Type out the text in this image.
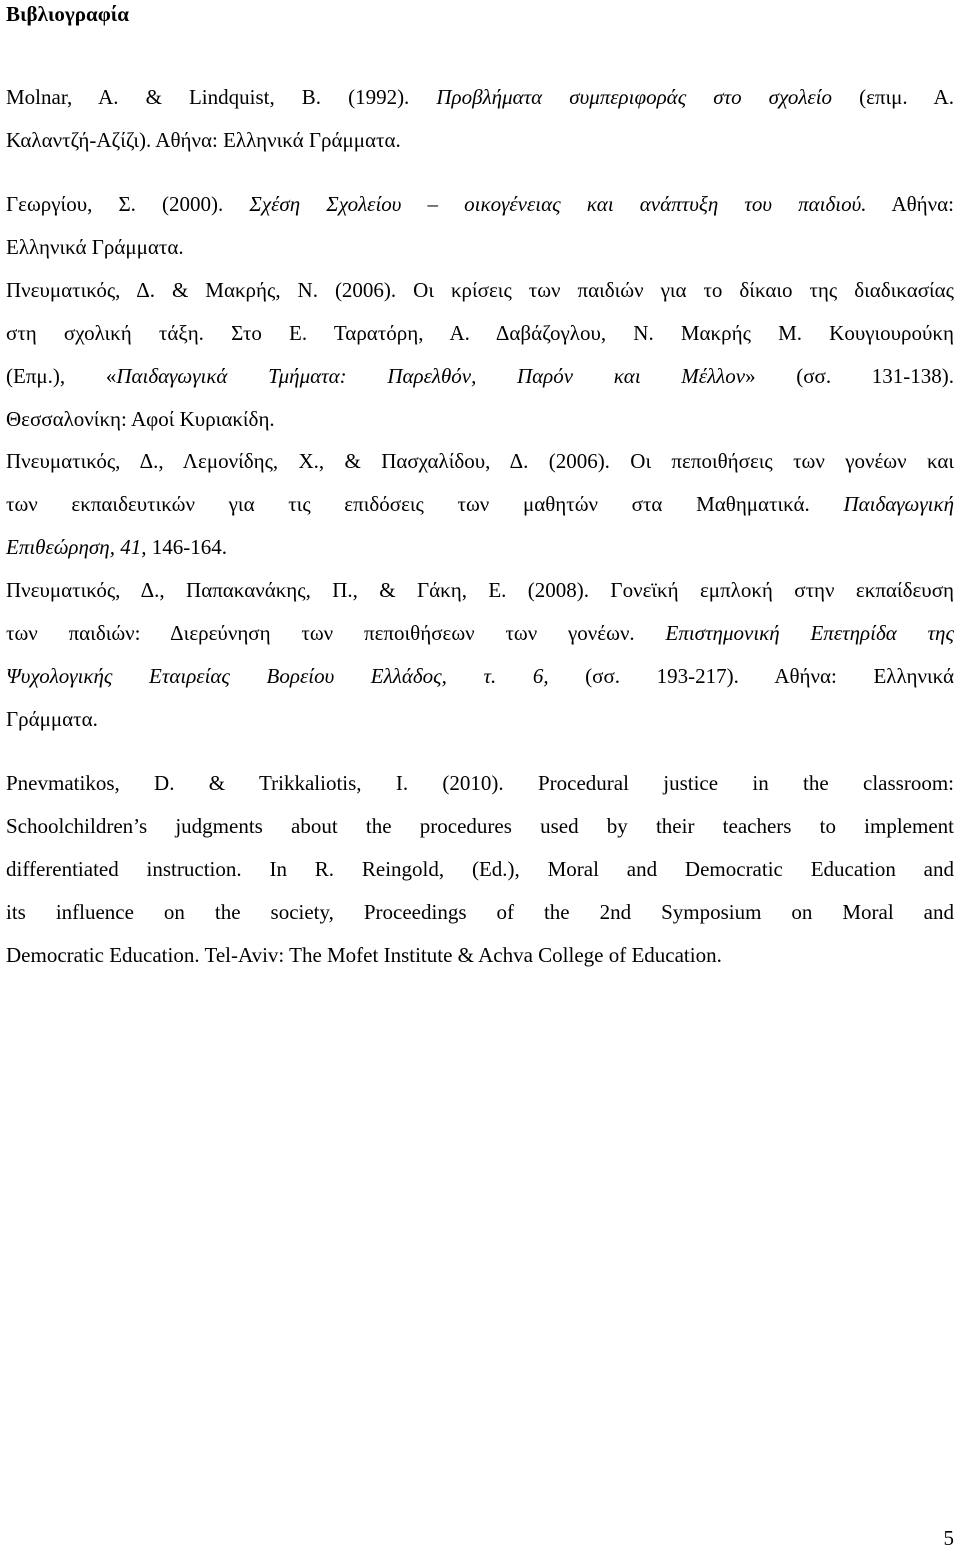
Βιβλιογραφία
Molnar, A. & Lindquist, B. (1992). Προβλήματα συμπεριφοράς στο σχολείο (επιμ. Α.
Καλαντζή-Αζίζι). Αθήνα: Ελληνικά Γράμματα.
Γεωργίου, Σ. (2000). Σχέση Σχολείου – οικογένειας και ανάπτυξη του παιδιού. Αθήνα:
Ελληνικά Γράμματα.
Πνευματικός, Δ. & Μακρής, Ν. (2006). Οι κρίσεις των παιδιών για το δίκαιο της διαδικασίας
στη σχολική τάξη. Στο Ε. Ταρατόρη, Α. Δαβάζογλου, Ν. Μακρής Μ. Κουγιουρούκη
(Επμ.), «Παιδαγωγικά Τμήματα: Παρελθόν, Παρόν και Μέλλον» (σσ. 131-138).
Θεσσαλονίκη: Αφοί Κυριακίδη.
Πνευματικός, Δ., Λεμονίδης, Χ., & Πασχαλίδου, Δ. (2006). Οι πεποιθήσεις των γονέων και
των εκπαιδευτικών για τις επιδόσεις των μαθητών στα Μαθηματικά. Παιδαγωγική
Επιθεώρηση, 41, 146-164.
Πνευματικός, Δ., Παπακανάκης, Π., & Γάκη, Ε. (2008). Γονεϊκή εμπλοκή στην εκπαίδευση
των παιδιών: Διερεύνηση των πεποιθήσεων των γονέων. Επιστημονική Επετηρίδα της
Ψυχολογικής Εταιρείας Βορείου Ελλάδος, τ. 6, (σσ. 193-217). Αθήνα: Ελληνικά
Γράμματα.
Pnevmatikos, D. & Trikkaliotis, I. (2010). Procedural justice in the classroom:
Schoolchildren’s judgments about the procedures used by their teachers to implement
differentiated instruction. In R. Reingold, (Ed.), Moral and Democratic Education and
its influence on the society, Proceedings of the 2nd Symposium on Moral and
Democratic Education. Tel-Aviv: The Mofet Institute & Achva College of Education.
5
